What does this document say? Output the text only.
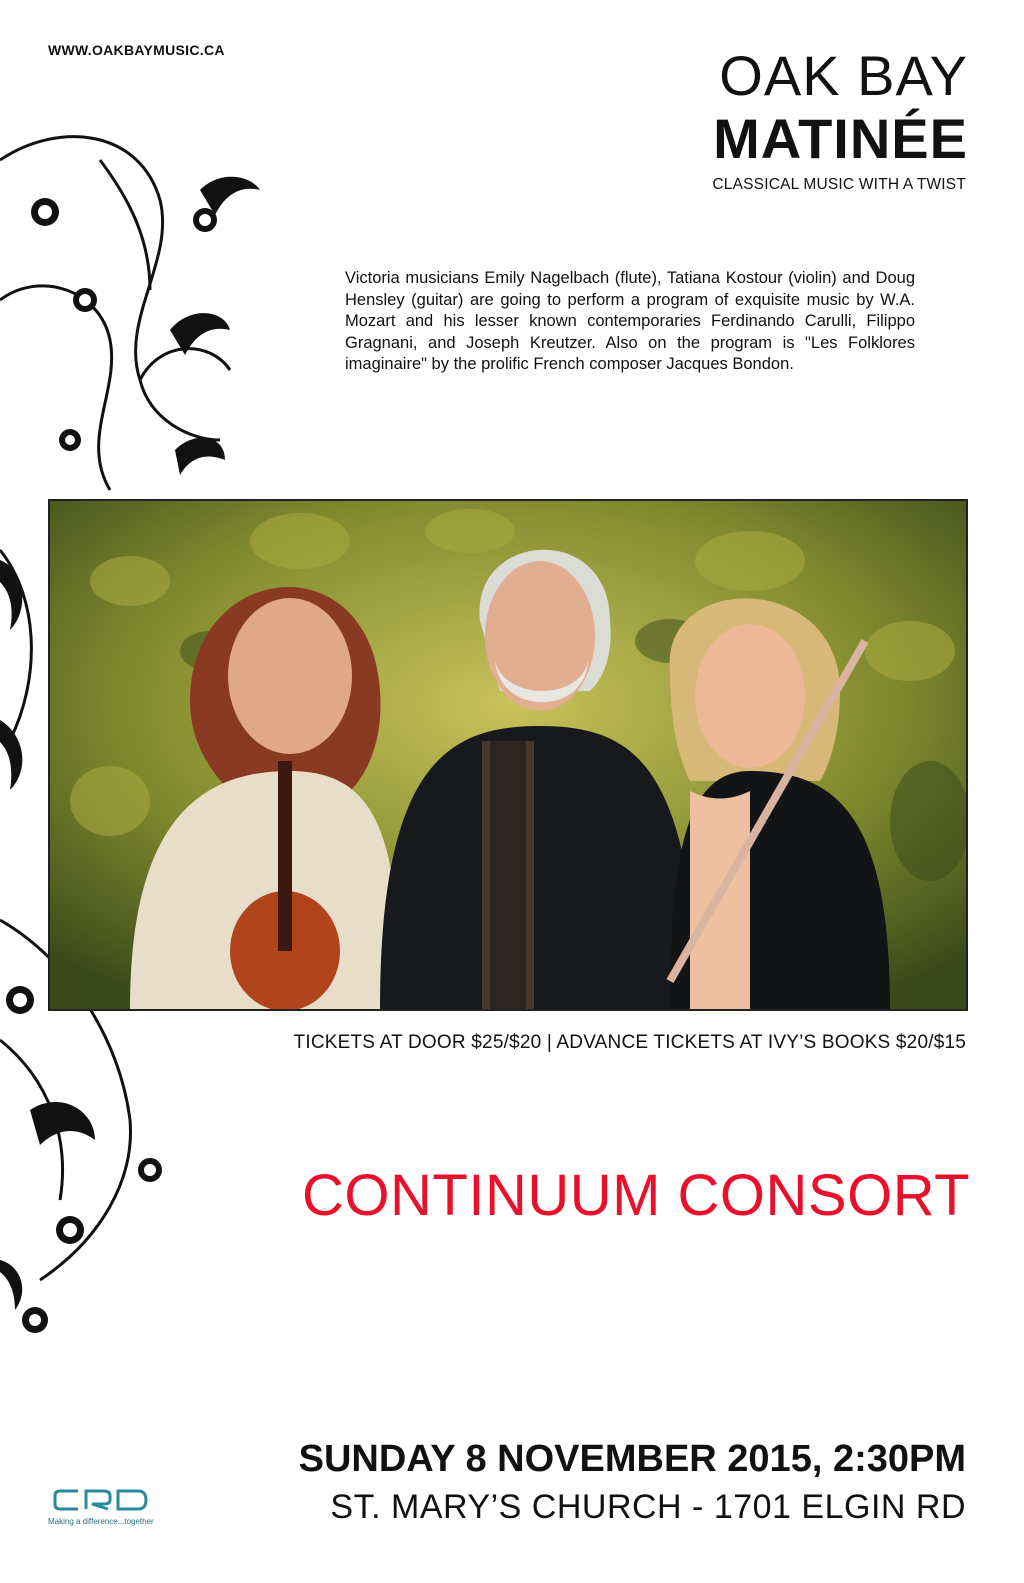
WWW.OAKBAYMUSIC.CA	OAK BAY
MATINÉE
CLASSICAL MUSIC WITH A TWIST
Victoria musicians Emily Nagelbach (flute), Tatiana Kostour (violin) and Doug Hensley (guitar) are going to perform a program of exquisite music by W.A. Mozart and his lesser known contemporaries Ferdinando Carulli, Filippo Gragnani, and Joseph Kreutzer. Also on the program is "Les Folklores imaginaire" by the prolific French composer Jacques Bondon.
TICKETS AT DOOR $25/$20 | ADVANCE TICKETS AT IVY’S BOOKS $20/$15
CONTINUUM CONSORT
SUNDAY 8 NOVEMBER 2015, 2:30PM
ST. MARY’S CHURCH - 1701 ELGIN RD
Making a difference...together
